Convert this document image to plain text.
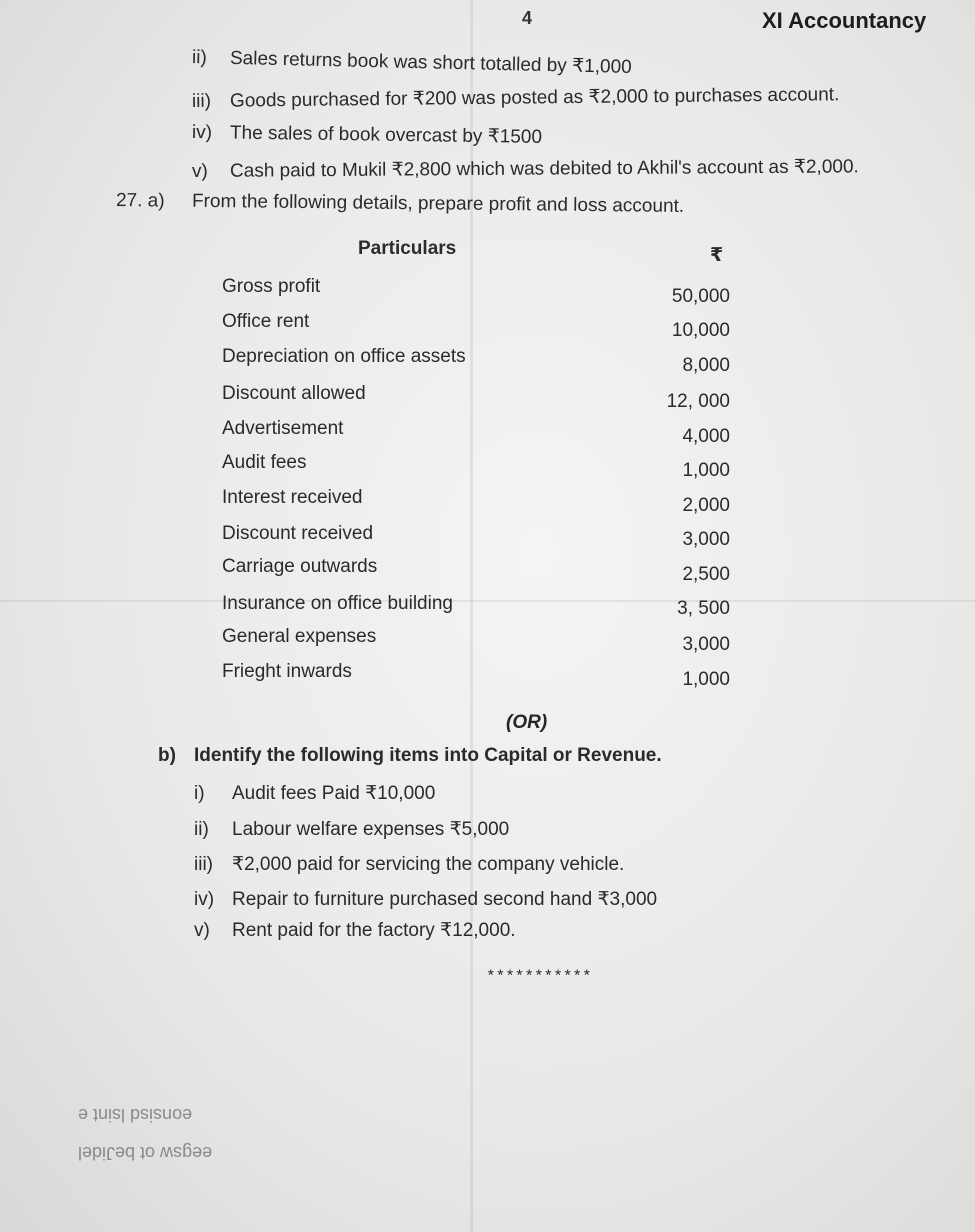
4	XI Accountancy
ii) Sales returns book was short totalled by ₹1,000
iii) Goods purchased for ₹200 was posted as ₹2,000 to purchases account.
iv) The sales of book overcast by ₹1500
v) Cash paid to Mukil ₹2,800 which was debited to Akhil's account as ₹2,000.
27. a) From the following details, prepare profit and loss account.
Particulars	₹
Gross profit	50,000
Office rent	10,000
Depreciation on office assets	8,000
Discount allowed	12, 000
Advertisement	4,000
Audit fees	1,000
Interest received	2,000
Discount received	3,000
Carriage outwards	2,500
Insurance on office building	3, 500
General expenses	3,000
Frieght inwards	1,000
(OR)
b) Identify the following items into Capital or Revenue.
i) Audit fees Paid ₹10,000
ii) Labour welfare expenses ₹5,000
iii) ₹2,000 paid for servicing the company vehicle.
iv) Repair to furniture purchased second hand ₹3,000
v) Rent paid for the factory ₹12,000.
***********
eonsisd lsint e
eegsw ot beJidel
